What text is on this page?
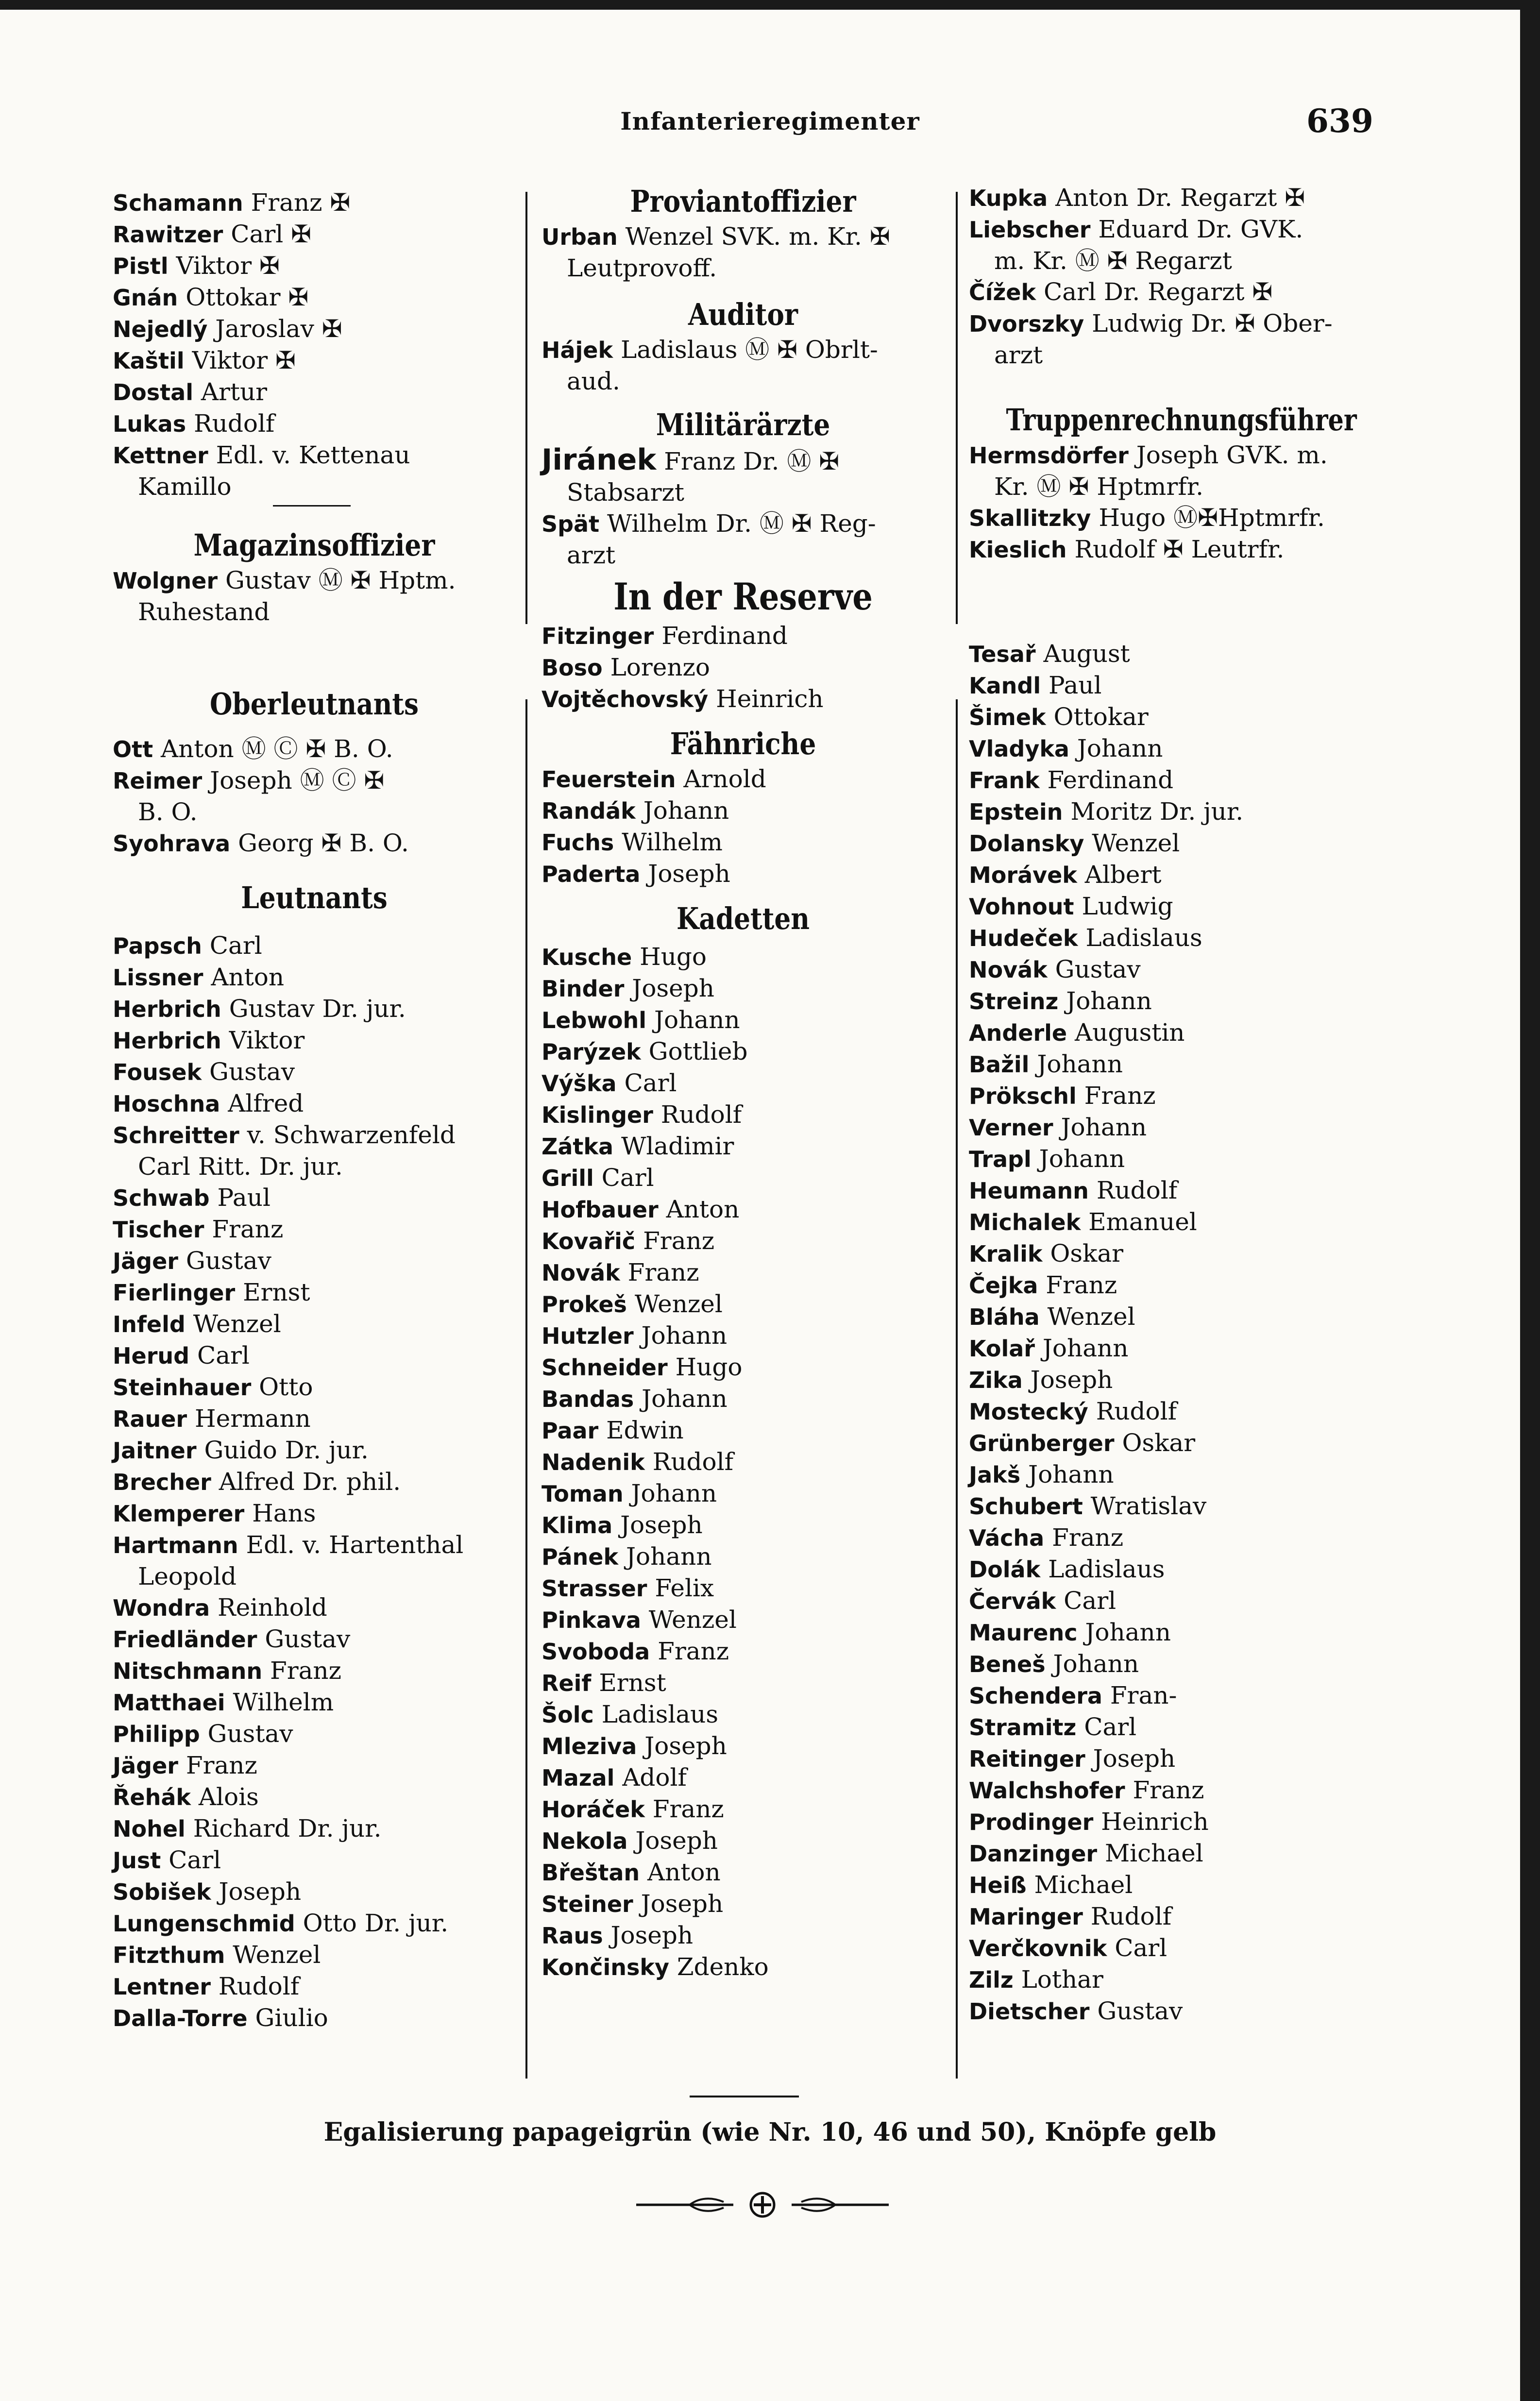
Infanterieregimenter	639
Schamann Franz ✠
Rawitzer Carl ✠
Pistl Viktor ✠
Gnán Ottokar ✠
Nejedlý Jaroslav ✠
Kaštil Viktor ✠
Dostal Artur
Lukas Rudolf
Kettner Edl. v. Kettenau
Kamillo
Magazinsoffizier
Wolgner Gustav Ⓜ ✠ Hptm.
Ruhestand
Oberleutnants
Ott Anton Ⓜ Ⓒ ✠ B. O.
Reimer Joseph Ⓜ Ⓒ ✠
B. O.
Syohrava Georg ✠ B. O.
Leutnants
Papsch Carl
Lissner Anton
Herbrich Gustav Dr. jur.
Herbrich Viktor
Fousek Gustav
Hoschna Alfred
Schreitter v. Schwarzenfeld
Carl Ritt. Dr. jur.
Schwab Paul
Tischer Franz
Jäger Gustav
Fierlinger Ernst
Infeld Wenzel
Herud Carl
Steinhauer Otto
Rauer Hermann
Jaitner Guido Dr. jur.
Brecher Alfred Dr. phil.
Klemperer Hans
Hartmann Edl. v. Hartenthal
Leopold
Wondra Reinhold
Friedländer Gustav
Nitschmann Franz
Matthaei Wilhelm
Philipp Gustav
Jäger Franz
Řehák Alois
Nohel Richard Dr. jur.
Just Carl
Sobišek Joseph
Lungenschmid Otto Dr. jur.
Fitzthum Wenzel
Lentner Rudolf
Dalla-Torre Giulio
Proviantoffizier
Urban Wenzel SVK. m. Kr. ✠
Leutprovoff.
Auditor
Hájek Ladislaus Ⓜ ✠ Obrlt-
aud.
Militärärzte
Jiránek Franz Dr. Ⓜ ✠
Stabsarzt
Spät Wilhelm Dr. Ⓜ ✠ Reg-
arzt
In der Reserve
Fitzinger Ferdinand
Boso Lorenzo
Vojtěchovský Heinrich
Fähnriche
Feuerstein Arnold
Randák Johann
Fuchs Wilhelm
Paderta Joseph
Kadetten
Kusche Hugo
Binder Joseph
Lebwohl Johann
Parýzek Gottlieb
Výška Carl
Kislinger Rudolf
Zátka Wladimir
Grill Carl
Hofbauer Anton
Kovařič Franz
Novák Franz
Prokeš Wenzel
Hutzler Johann
Schneider Hugo
Bandas Johann
Paar Edwin
Nadenik Rudolf
Toman Johann
Klima Joseph
Pánek Johann
Strasser Felix
Pinkava Wenzel
Svoboda Franz
Reif Ernst
Šolc Ladislaus
Mleziva Joseph
Mazal Adolf
Horáček Franz
Nekola Joseph
Břeštan Anton
Steiner Joseph
Raus Joseph
Končinsky Zdenko
Kupka Anton Dr. Regarzt ✠
Liebscher Eduard Dr. GVK.
m. Kr. Ⓜ ✠ Regarzt
Čížek Carl Dr. Regarzt ✠
Dvorszky Ludwig Dr. ✠ Ober-
arzt
Truppenrechnungsführer
Hermsdörfer Joseph GVK. m.
Kr. Ⓜ ✠ Hptmrfr.
Skallitzky Hugo Ⓜ✠Hptmrfr.
Kieslich Rudolf ✠ Leutrfr.
Tesař August
Kandl Paul
Šimek Ottokar
Vladyka Johann
Frank Ferdinand
Epstein Moritz Dr. jur.
Dolansky Wenzel
Morávek Albert
Vohnout Ludwig
Hudeček Ladislaus
Novák Gustav
Streinz Johann
Anderle Augustin
Bažil Johann
Prökschl Franz
Verner Johann
Trapl Johann
Heumann Rudolf
Michalek Emanuel
Kralik Oskar
Čejka Franz
Bláha Wenzel
Kolař Johann
Zika Joseph
Mostecký Rudolf
Grünberger Oskar
Jakš Johann
Schubert Wratislav
Vácha Franz
Dolák Ladislaus
Červák Carl
Maurenc Johann
Beneš Johann
Schendera Fran-
Stramitz Carl
Reitinger Joseph
Walchshofer Franz
Prodinger Heinrich
Danzinger Michael
Heiß Michael
Maringer Rudolf
Verčkovnik Carl
Zilz Lothar
Dietscher Gustav
Egalisierung papageigrün (wie Nr. 10, 46 und 50), Knöpfe gelb
